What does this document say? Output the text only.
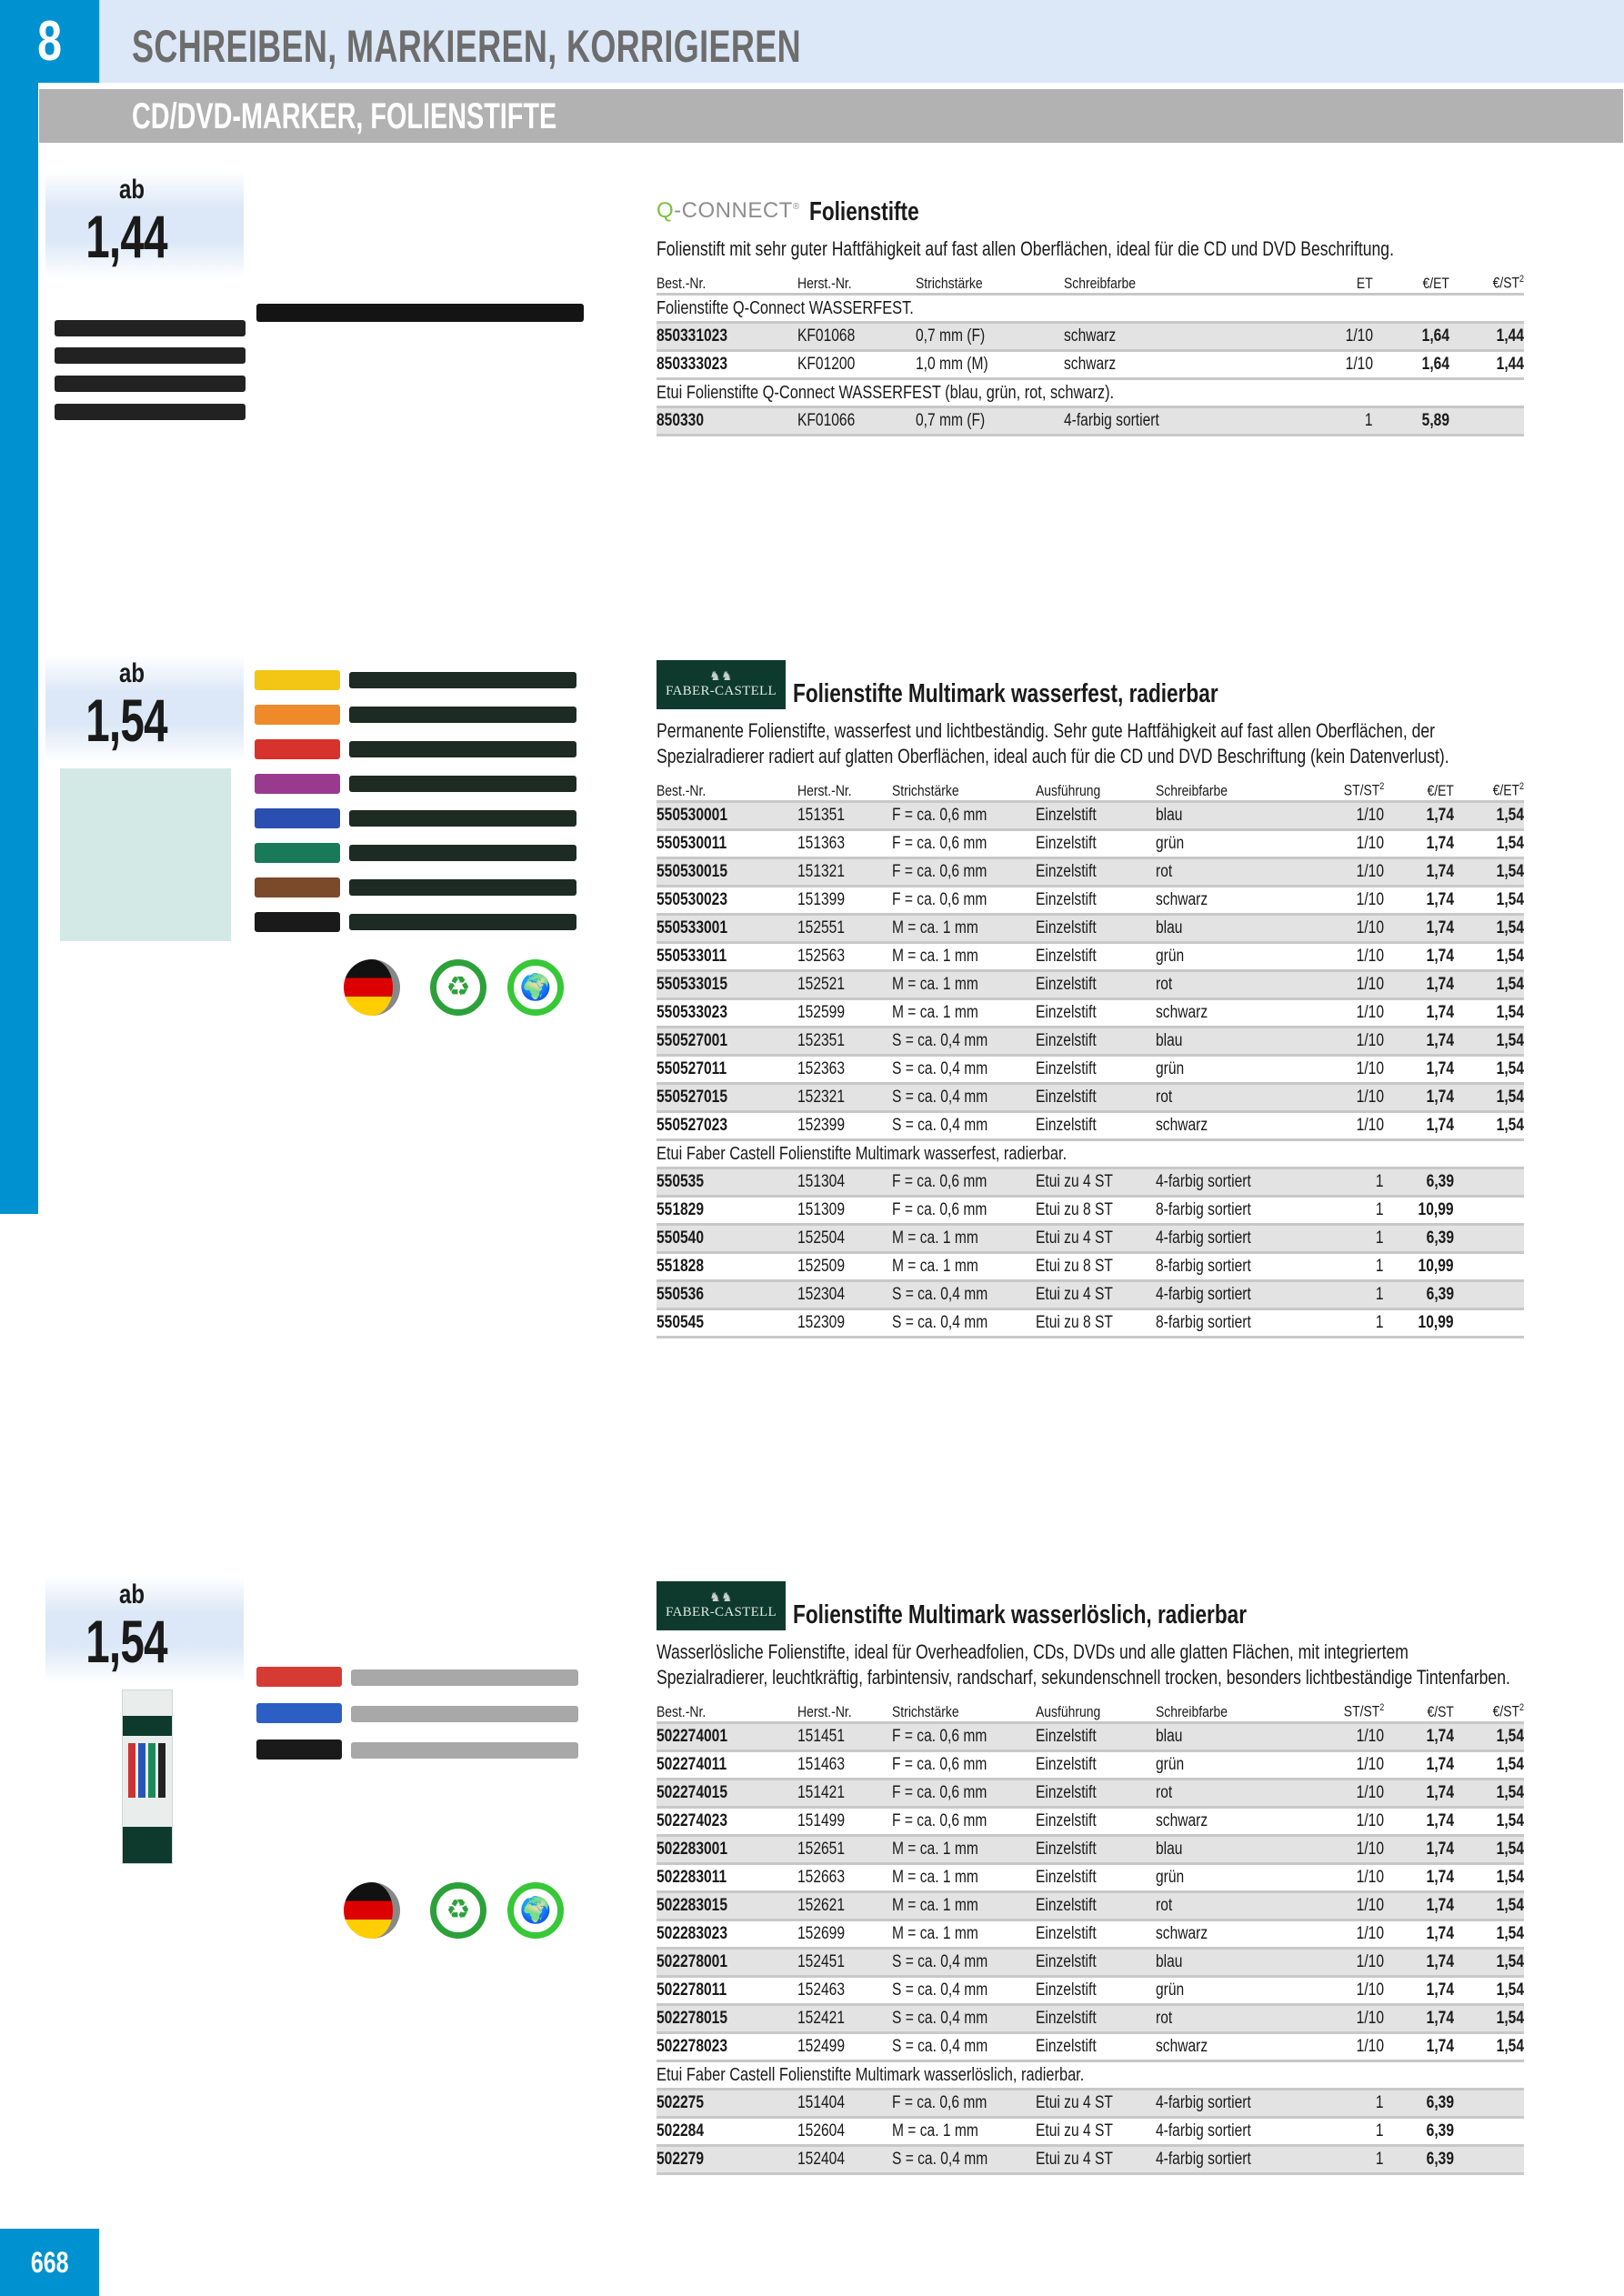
8 SCHREIBEN, MARKIEREN, KORRIGIEREN
CD/DVD-MARKER, FOLIENSTIFTE
ab
1,44	Q-CONNECT® Folienstifte
Folienstift mit sehr guter Haftfähigkeit auf fast allen Oberflächen, ideal für die CD und DVD Beschriftung.
Best.-Nr.	Herst.-Nr.	Strichstärke	Schreibfarbe	ET	€/ET	$€/ST^2$
Folienstifte Q-Connect WASSERFEST.						
850331023	KF01068	0,7 mm (F)	schwarz	1/10	1,64	1,44
850333023	KF01200	1,0 mm (M)	schwarz	1/10	1,64	1,44
Etui Folienstifte Q-Connect WASSERFEST (blau, grün, rot, schwarz).						
850330	KF01066	0,7 mm (F)	4-farbig sortiert	1	5,89	
ab
1,54
♻	🌍
♞♞
FABER-CASTELL Folienstifte Multimark wasserfest, radierbar
Permanente Folienstifte, wasserfest und lichtbeständig. Sehr gute Haftfähigkeit auf fast allen Oberflächen, der Spezialradierer radiert auf glatten Oberflächen, ideal auch für die CD und DVD Beschriftung (kein Datenverlust).
Best.-Nr.	Herst.-Nr.	Strichstärke	Ausführung	Schreibfarbe	$ST/ST^2$	€/ET	$€/ET^2$
550530001	151351	F = ca. 0,6 mm	Einzelstift	blau	1/10	1,74	1,54
550530011	151363	F = ca. 0,6 mm	Einzelstift	grün	1/10	1,74	1,54
550530015	151321	F = ca. 0,6 mm	Einzelstift	rot	1/10	1,74	1,54
550530023	151399	F = ca. 0,6 mm	Einzelstift	schwarz	1/10	1,74	1,54
550533001	152551	M = ca. 1 mm	Einzelstift	blau	1/10	1,74	1,54
550533011	152563	M = ca. 1 mm	Einzelstift	grün	1/10	1,74	1,54
550533015	152521	M = ca. 1 mm	Einzelstift	rot	1/10	1,74	1,54
550533023	152599	M = ca. 1 mm	Einzelstift	schwarz	1/10	1,74	1,54
550527001	152351	S = ca. 0,4 mm	Einzelstift	blau	1/10	1,74	1,54
550527011	152363	S = ca. 0,4 mm	Einzelstift	grün	1/10	1,74	1,54
550527015	152321	S = ca. 0,4 mm	Einzelstift	rot	1/10	1,74	1,54
550527023	152399	S = ca. 0,4 mm	Einzelstift	schwarz	1/10	1,74	1,54
Etui Faber Castell Folienstifte Multimark wasserfest, radierbar.							
550535	151304	F = ca. 0,6 mm	Etui zu 4 ST	4-farbig sortiert	1	6,39	
551829	151309	F = ca. 0,6 mm	Etui zu 8 ST	8-farbig sortiert	1	10,99	
550540	152504	M = ca. 1 mm	Etui zu 4 ST	4-farbig sortiert	1	6,39	
551828	152509	M = ca. 1 mm	Etui zu 8 ST	8-farbig sortiert	1	10,99	
550536	152304	S = ca. 0,4 mm	Etui zu 4 ST	4-farbig sortiert	1	6,39	
550545	152309	S = ca. 0,4 mm	Etui zu 8 ST	8-farbig sortiert	1	10,99	
ab
1,54
♻	🌍
♞♞
FABER-CASTELL Folienstifte Multimark wasserlöslich, radierbar
Wasserlösliche Folienstifte, ideal für Overheadfolien, CDs, DVDs und alle glatten Flächen, mit integriertem Spezialradierer, leuchtkräftig, farbintensiv, randscharf, sekundenschnell trocken, besonders lichtbeständige Tintenfarben.
Best.-Nr.	Herst.-Nr.	Strichstärke	Ausführung	Schreibfarbe	$ST/ST^2$	€/ST	$€/ST^2$
502274001	151451	F = ca. 0,6 mm	Einzelstift	blau	1/10	1,74	1,54
502274011	151463	F = ca. 0,6 mm	Einzelstift	grün	1/10	1,74	1,54
502274015	151421	F = ca. 0,6 mm	Einzelstift	rot	1/10	1,74	1,54
502274023	151499	F = ca. 0,6 mm	Einzelstift	schwarz	1/10	1,74	1,54
502283001	152651	M = ca. 1 mm	Einzelstift	blau	1/10	1,74	1,54
502283011	152663	M = ca. 1 mm	Einzelstift	grün	1/10	1,74	1,54
502283015	152621	M = ca. 1 mm	Einzelstift	rot	1/10	1,74	1,54
502283023	152699	M = ca. 1 mm	Einzelstift	schwarz	1/10	1,74	1,54
502278001	152451	S = ca. 0,4 mm	Einzelstift	blau	1/10	1,74	1,54
502278011	152463	S = ca. 0,4 mm	Einzelstift	grün	1/10	1,74	1,54
502278015	152421	S = ca. 0,4 mm	Einzelstift	rot	1/10	1,74	1,54
502278023	152499	S = ca. 0,4 mm	Einzelstift	schwarz	1/10	1,74	1,54
Etui Faber Castell Folienstifte Multimark wasserlöslich, radierbar.							
502275	151404	F = ca. 0,6 mm	Etui zu 4 ST	4-farbig sortiert	1	6,39	
502284	152604	M = ca. 1 mm	Etui zu 4 ST	4-farbig sortiert	1	6,39	
502279	152404	S = ca. 0,4 mm	Etui zu 4 ST	4-farbig sortiert	1	6,39	
668
